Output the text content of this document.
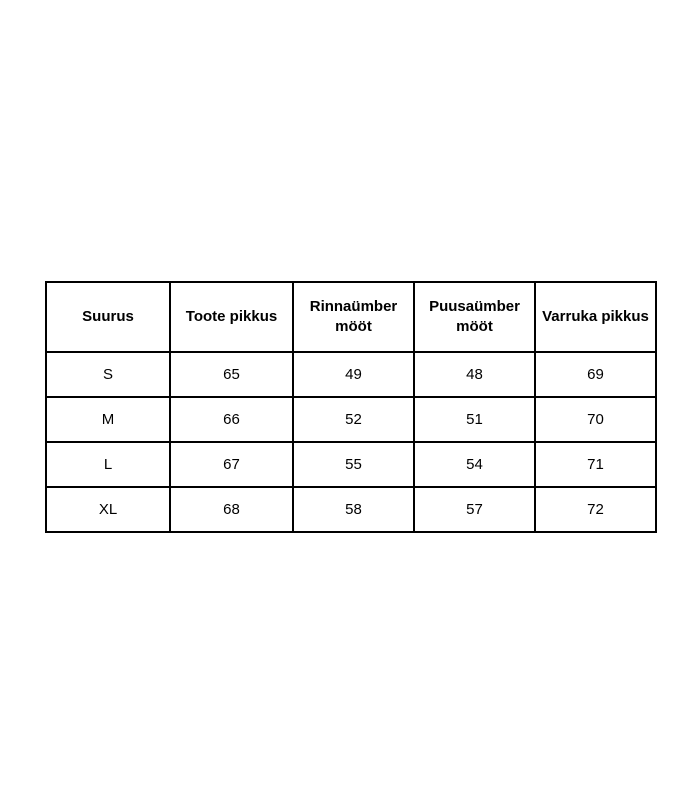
Suurus	Toote pikkus	Rinnaümber mööt	Puusaümber mööt	Varruka pikkus
S	65	49	48	69
M	66	52	51	70
L	67	55	54	71
XL	68	58	57	72
